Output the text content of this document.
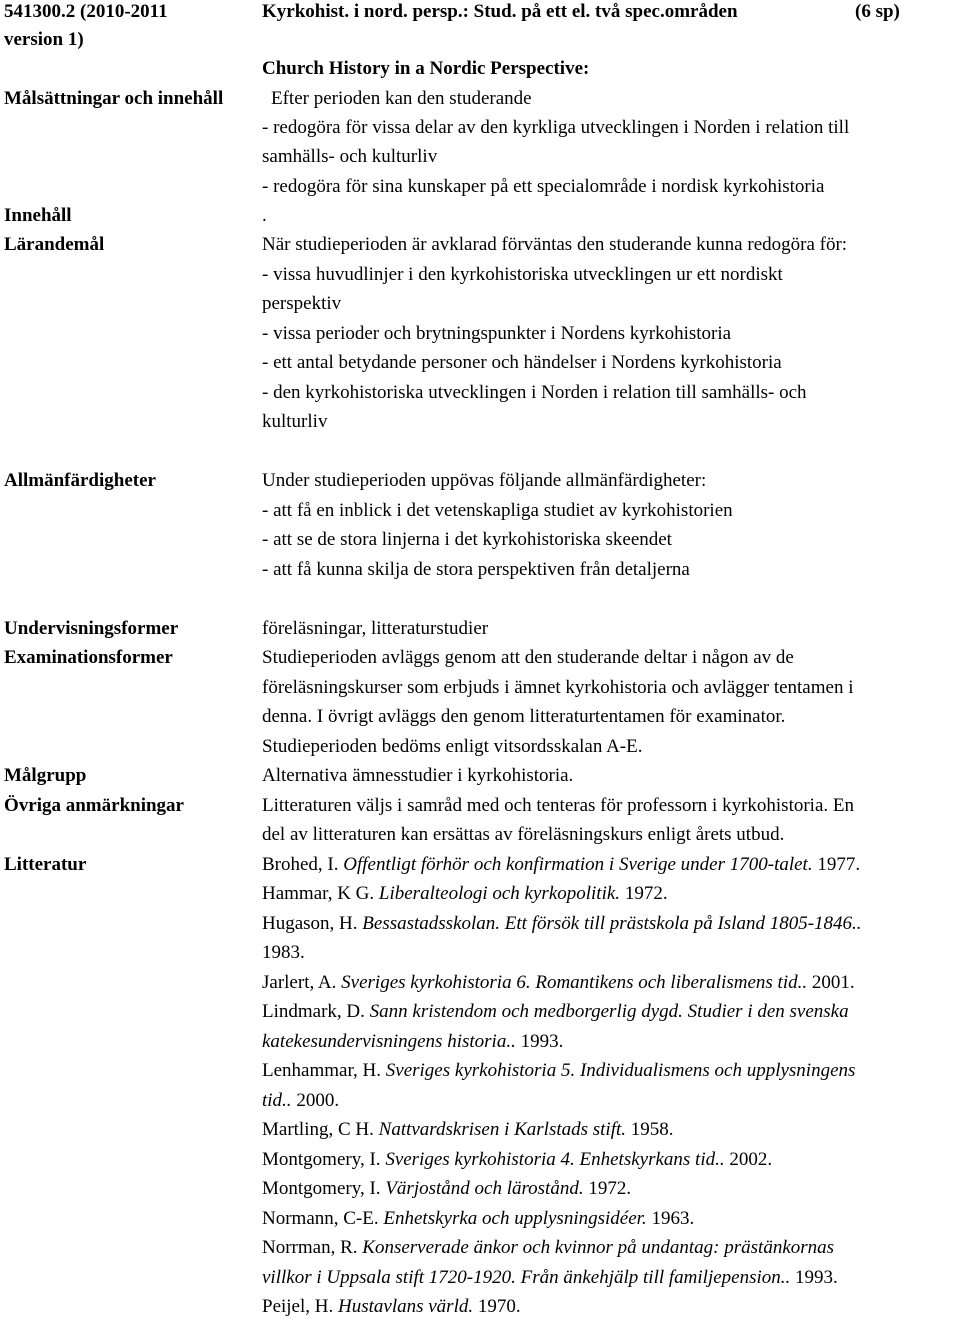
541300.2 (2010-2011
version 1)
Kyrkohist. i nord. persp.: Stud. på ett el. två spec.områden	(6 sp)
Church History in a Nordic Perspective:
Målsättningar och innehåll	Efter perioden kan den studerande
- redogöra för vissa delar av den kyrkliga utvecklingen i Norden i relation till
samhälls- och kulturliv
- redogöra för sina kunskaper på ett specialområde i nordisk kyrkohistoria
Innehåll	.
Lärandemål	När studieperioden är avklarad förväntas den studerande kunna redogöra för:
- vissa huvudlinjer i den kyrkohistoriska utvecklingen ur ett nordiskt
perspektiv
- vissa perioder och brytningspunkter i Nordens kyrkohistoria
- ett antal betydande personer och händelser i Nordens kyrkohistoria
- den kyrkohistoriska utvecklingen i Norden i relation till samhälls- och
kulturliv
Allmänfärdigheter	Under studieperioden uppövas följande allmänfärdigheter:
- att få en inblick i det vetenskapliga studiet av kyrkohistorien
- att se de stora linjerna i det kyrkohistoriska skeendet
- att få kunna skilja de stora perspektiven från detaljerna
Undervisningsformer	föreläsningar, litteraturstudier
Examinationsformer	Studieperioden avläggs genom att den studerande deltar i någon av de
föreläsningskurser som erbjuds i ämnet kyrkohistoria och avlägger tentamen i
denna. I övrigt avläggs den genom litteraturtentamen för examinator.
Studieperioden bedöms enligt vitsordsskalan A-E.
Målgrupp	Alternativa ämnesstudier i kyrkohistoria.
Övriga anmärkningar	Litteraturen väljs i samråd med och tenteras för professorn i kyrkohistoria. En
del av litteraturen kan ersättas av föreläsningskurs enligt årets utbud.
Litteratur	Brohed, I. Offentligt förhör och konfirmation i Sverige under 1700-talet. 1977.
Hammar, K G. Liberalteologi och kyrkopolitik. 1972.
Hugason, H. Bessastadsskolan. Ett försök till prästskola på Island 1805-1846..
1983.
Jarlert, A. Sveriges kyrkohistoria 6. Romantikens och liberalismens tid.. 2001.
Lindmark, D. Sann kristendom och medborgerlig dygd. Studier i den svenska
katekesundervisningens historia.. 1993.
Lenhammar, H. Sveriges kyrkohistoria 5. Individualismens och upplysningens
tid.. 2000.
Martling, C H. Nattvardskrisen i Karlstads stift. 1958.
Montgomery, I. Sveriges kyrkohistoria 4. Enhetskyrkans tid.. 2002.
Montgomery, I. Värjostånd och lärostånd. 1972.
Normann, C-E. Enhetskyrka och upplysningsidéer. 1963.
Norrman, R. Konserverade änkor och kvinnor på undantag: prästänkornas
villkor i Uppsala stift 1720-1920. Från änkehjälp till familjepension.. 1993.
Peijel, H. Hustavlans värld. 1970.
